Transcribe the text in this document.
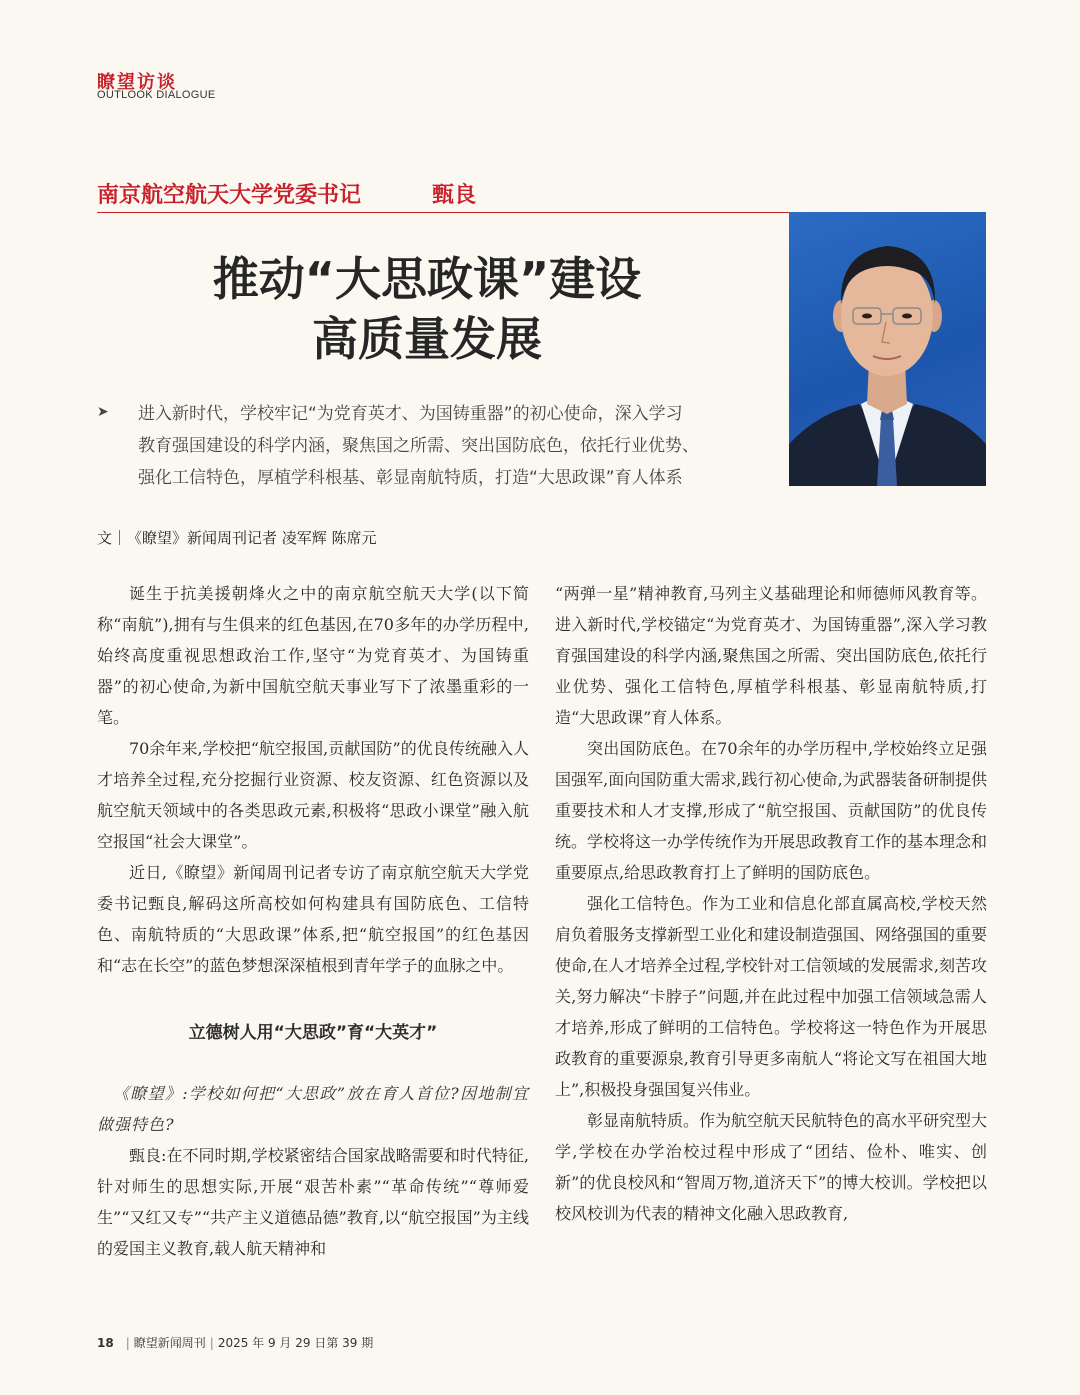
瞭望访谈
OUTLOOK DIALOGUE
南京航空航天大学党委书记	甄良
推动“大思政课”建设
高质量发展
➤ 进入新时代，学校牢记“为党育英才、为国铸重器”的初心使命，深入学习
教育强国建设的科学内涵，聚焦国之所需、突出国防底色，依托行业优势、
强化工信特色，厚植学科根基、彰显南航特质，打造“大思政课”育人体系
文｜《瞭望》新闻周刊记者 凌军辉 陈席元

诞生于抗美援朝烽火之中的南京航空航天大学(以下简称“南航”),拥有与生俱来的红色基因,在70多年的办学历程中,始终高度重视思想政治工作,坚守“为党育英才、为国铸重器”的初心使命,为新中国航空航天事业写下了浓墨重彩的一笔。

70余年来,学校把“航空报国,贡献国防”的优良传统融入人才培养全过程,充分挖掘行业资源、校友资源、红色资源以及航空航天领域中的各类思政元素,积极将“思政小课堂”融入航空报国“社会大课堂”。

近日,《瞭望》新闻周刊记者专访了南京航空航天大学党委书记甄良,解码这所高校如何构建具有国防底色、工信特色、南航特质的“大思政课”体系,把“航空报国”的红色基因和“志在长空”的蓝色梦想深深植根到青年学子的血脉之中。

立德树人用“大思政”育“大英才”

《瞭望》:学校如何把“大思政”放在育人首位?因地制宜做强特色?

甄良:在不同时期,学校紧密结合国家战略需要和时代特征,针对师生的思想实际,开展“艰苦朴素”“革命传统”“尊师爱生”“又红又专”“共产主义道德品德”教育,以“航空报国”为主线的爱国主义教育,载人航天精神和

“两弹一星”精神教育,马列主义基础理论和师德师风教育等。进入新时代,学校锚定“为党育英才、为国铸重器”,深入学习教育强国建设的科学内涵,聚焦国之所需、突出国防底色,依托行业优势、强化工信特色,厚植学科根基、彰显南航特质,打造“大思政课”育人体系。

突出国防底色。在70余年的办学历程中,学校始终立足强国强军,面向国防重大需求,践行初心使命,为武器装备研制提供重要技术和人才支撑,形成了“航空报国、贡献国防”的优良传统。学校将这一办学传统作为开展思政教育工作的基本理念和重要原点,给思政教育打上了鲜明的国防底色。

强化工信特色。作为工业和信息化部直属高校,学校天然肩负着服务支撑新型工业化和建设制造强国、网络强国的重要使命,在人才培养全过程,学校针对工信领域的发展需求,刻苦攻关,努力解决“卡脖子”问题,并在此过程中加强工信领域急需人才培养,形成了鲜明的工信特色。学校将这一特色作为开展思政教育的重要源泉,教育引导更多南航人“将论文写在祖国大地上”,积极投身强国复兴伟业。

彰显南航特质。作为航空航天民航特色的高水平研究型大学,学校在办学治校过程中形成了“团结、俭朴、唯实、创新”的优良校风和“智周万物,道济天下”的博大校训。学校把以校风校训为代表的精神文化融入思政教育,

18 | 瞭望新闻周刊 | 2025 年 9 月 29 日第 39 期
